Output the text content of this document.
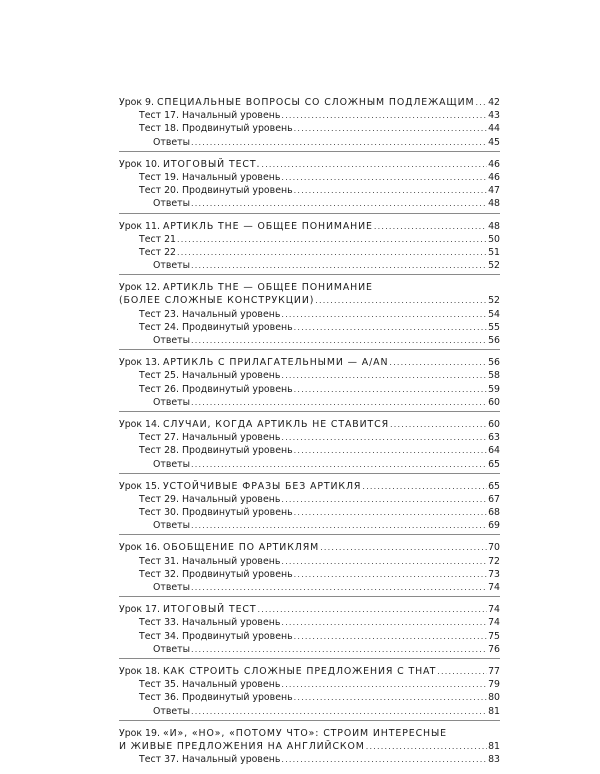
Урок 9. СПЕЦИАЛЬНЫЕ ВОПРОСЫ СО СЛОЖНЫМ ПОДЛЕЖАЩИМ ..... 42
Тест 17. Начальный уровень .....	43
Тест 18. Продвинутый уровень .....	44
Ответы .....	45
Урок 10. ИТОГОВЫЙ ТЕСТ. .....	46
Тест 19. Начальный уровень .....	46
Тест 20. Продвинутый уровень .....	47
Ответы .....	48
Урок 11. АРТИКЛЬ THE — ОБЩЕЕ ПОНИМАНИЕ .....	48
Тест 21 .....	50
Тест 22 .....	51
Ответы .....	52
Урок 12. АРТИКЛЬ THE — ОБЩЕЕ ПОНИМАНИЕ
(БОЛЕЕ СЛОЖНЫЕ КОНСТРУКЦИИ) .....	52
Тест 23. Начальный уровень .....	54
Тест 24. Продвинутый уровень .....	55
Ответы .....	56
Урок 13. АРТИКЛЬ С ПРИЛАГАТЕЛЬНЫМИ — A/AN .....	56
Тест 25. Начальный уровень .....	58
Тест 26. Продвинутый уровень .....	59
Ответы .....	60
Урок 14. СЛУЧАИ, КОГДА АРТИКЛЬ НЕ СТАВИТСЯ .....	60
Тест 27. Начальный уровень .....	63
Тест 28. Продвинутый уровень .....	64
Ответы .....	65
Урок 15. УСТОЙЧИВЫЕ ФРАЗЫ БЕЗ АРТИКЛЯ .....	65
Тест 29. Начальный уровень .....	67
Тест 30. Продвинутый уровень .....	68
Ответы .....	69
Урок 16. ОБОБЩЕНИЕ ПО АРТИКЛЯМ .....	70
Тест 31. Начальный уровень .....	72
Тест 32. Продвинутый уровень .....	73
Ответы .....	74
Урок 17. ИТОГОВЫЙ ТЕСТ .....	74
Тест 33. Начальный уровень .....	74
Тест 34. Продвинутый уровень .....	75
Ответы .....	76
Урок 18. КАК СТРОИТЬ СЛОЖНЫЕ ПРЕДЛОЖЕНИЯ С THAT .....	77
Тест 35. Начальный уровень .....	79
Тест 36. Продвинутый уровень .....	80
Ответы .....	81
Урок 19. «И», «НО», «ПОТОМУ ЧТО»: СТРОИМ ИНТЕРЕСНЫЕ
И ЖИВЫЕ ПРЕДЛОЖЕНИЯ НА АНГЛИЙСКОМ .....	81
Тест 37. Начальный уровень .....	83
